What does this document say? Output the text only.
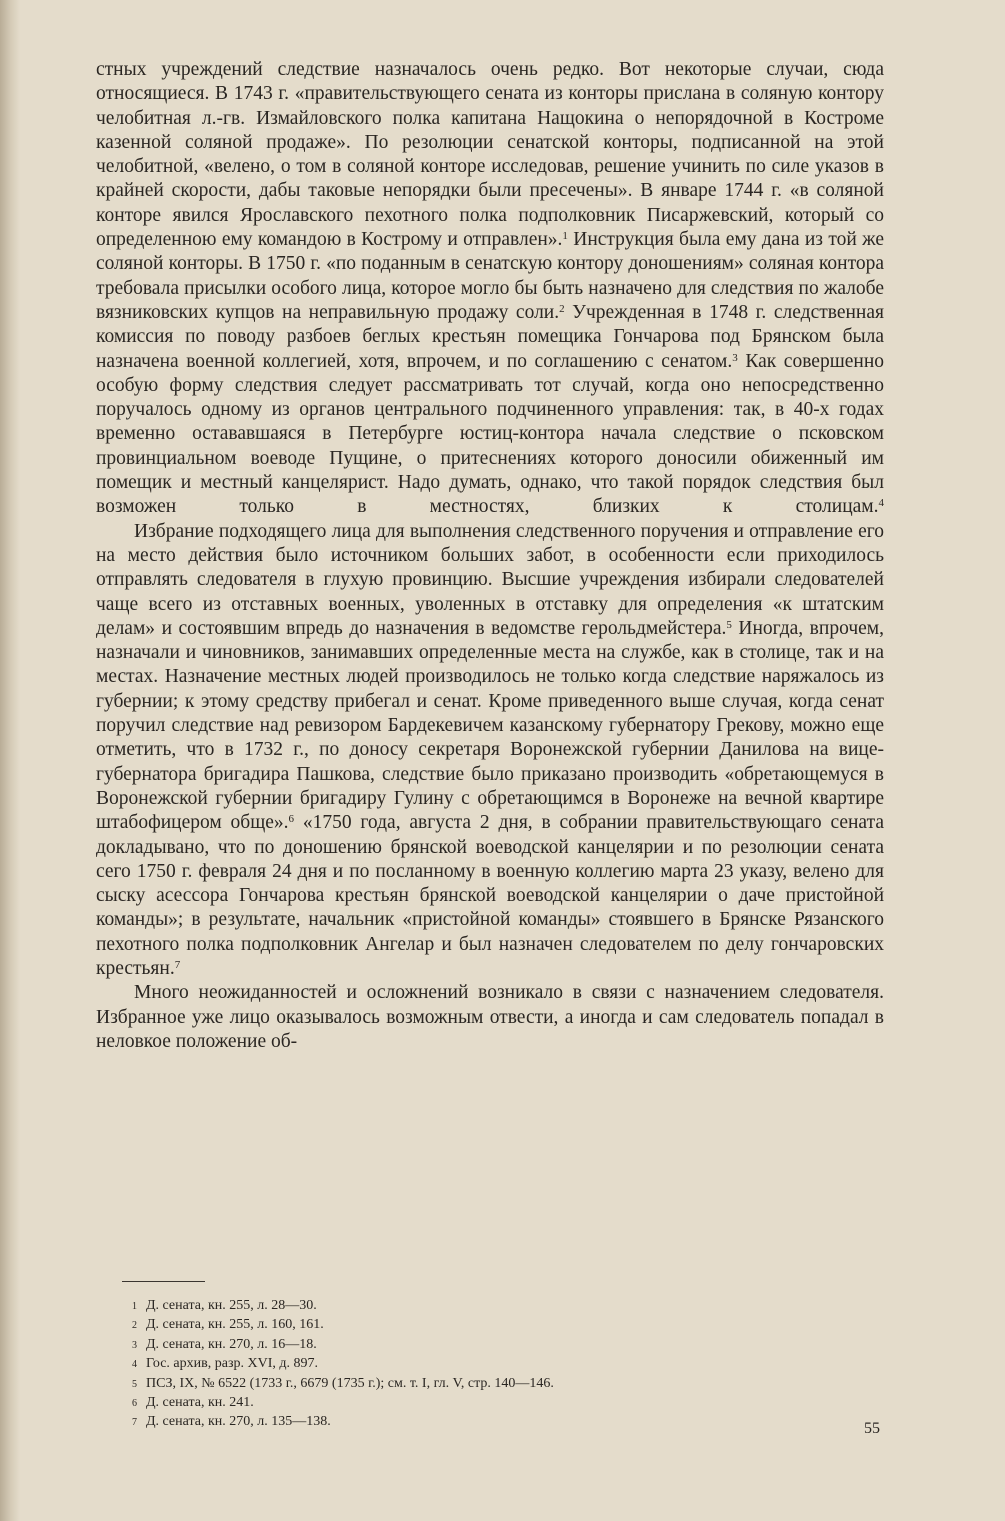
стных учреждений следствие назначалось очень редко. Вот некоторые случаи, сюда относящиеся. В 1743 г. «правительствующего сената из конторы прислана в соляную контору челобитная л.-гв. Измайловского полка капитана Нащокина о непорядочной в Костроме казенной соляной продаже». По резолюции сенатской конторы, подписанной на этой челобитной, «велено, о том в соляной конторе исследовав, решение учинить по силе указов в крайней скорости, дабы таковые непорядки были пресечены». В январе 1744 г. «в соляной конторе явился Ярославского пехотного полка подполковник Писаржевский, который со определенною ему командою в Кострому и отправлен».$^1$ Инструкция была ему дана из той же соляной конторы. В 1750 г. «по поданным в сенатскую контору доношениям» соляная контора требовала присылки особого лица, которое могло бы быть назначено для следствия по жалобе вязниковских купцов на неправильную продажу соли.$^2$ Учрежденная в 1748 г. следственная комиссия по поводу разбоев беглых крестьян помещика Гончарова под Брянском была назначена военной коллегией, хотя, впрочем, и по соглашению с сенатом.$^3$ Как совершенно особую форму следствия следует рассматривать тот случай, когда оно непосредственно поручалось одному из органов центрального подчиненного управления: так, в 40-х годах временно остававшаяся в Петербурге юстиц-контора начала следствие о псковском провинциальном воеводе Пущине, о притеснениях которого доносили обиженный им помещик и местный канцелярист. Надо думать, однако, что такой порядок следствия был возможен только в местностях, близких к столицам.$^4$

Избрание подходящего лица для выполнения следственного поручения и отправление его на место действия было источником больших забот, в особенности если приходилось отправлять следователя в глухую провинцию. Высшие учреждения избирали следователей чаще всего из отставных военных, уволенных в отставку для определения «к штатским делам» и состоявшим впредь до назначения в ведомстве герольдмейстера.$^5$ Иногда, впрочем, назначали и чиновников, занимавших определенные места на службе, как в столице, так и на местах. Назначение местных людей производилось не только когда следствие наряжалось из губернии; к этому средству прибегал и сенат. Кроме приведенного выше случая, когда сенат поручил следствие над ревизором Бардекевичем казанскому губернатору Грекову, можно еще отметить, что в 1732 г., по доносу секретаря Воронежской губернии Данилова на вице-губернатора бригадира Пашкова, следствие было приказано производить «обретающемуся в Воронежской губернии бригадиру Гулину с обретающимся в Воронеже на вечной квартире штабофицером обще».$^6$ «1750 года, августа 2 дня, в собрании правительствующаго сената докладывано, что по доношению брянской воеводской канцелярии и по резолюции сената сего 1750 г. февраля 24 дня и по посланному в военную коллегию марта 23 указу, велено для сыску асессора Гончарова крестьян брянской воеводской канцелярии о даче пристойной команды»; в результате, начальник «пристойной команды» стоявшего в Брянске Рязанского пехотного полка подполковник Ангелар и был назначен следователем по делу гончаровских крестьян.$^7$

Много неожиданностей и осложнений возникало в связи с назначением следователя. Избранное уже лицо оказывалось возможным отвести, а иногда и сам следователь попадал в неловкое положение об-

1 Д. сената, кн. 255, л. 28—30.
2 Д. сената, кн. 255, л. 160, 161.
3 Д. сената, кн. 270, л. 16—18.
4 Гос. архив, разр. XVI, д. 897.
5 ПСЗ, IX, № 6522 (1733 г., 6679 (1735 г.); см. т. I, гл. V, стр. 140—146.
6 Д. сената, кн. 241.
7 Д. сената, кн. 270, л. 135—138.	55
